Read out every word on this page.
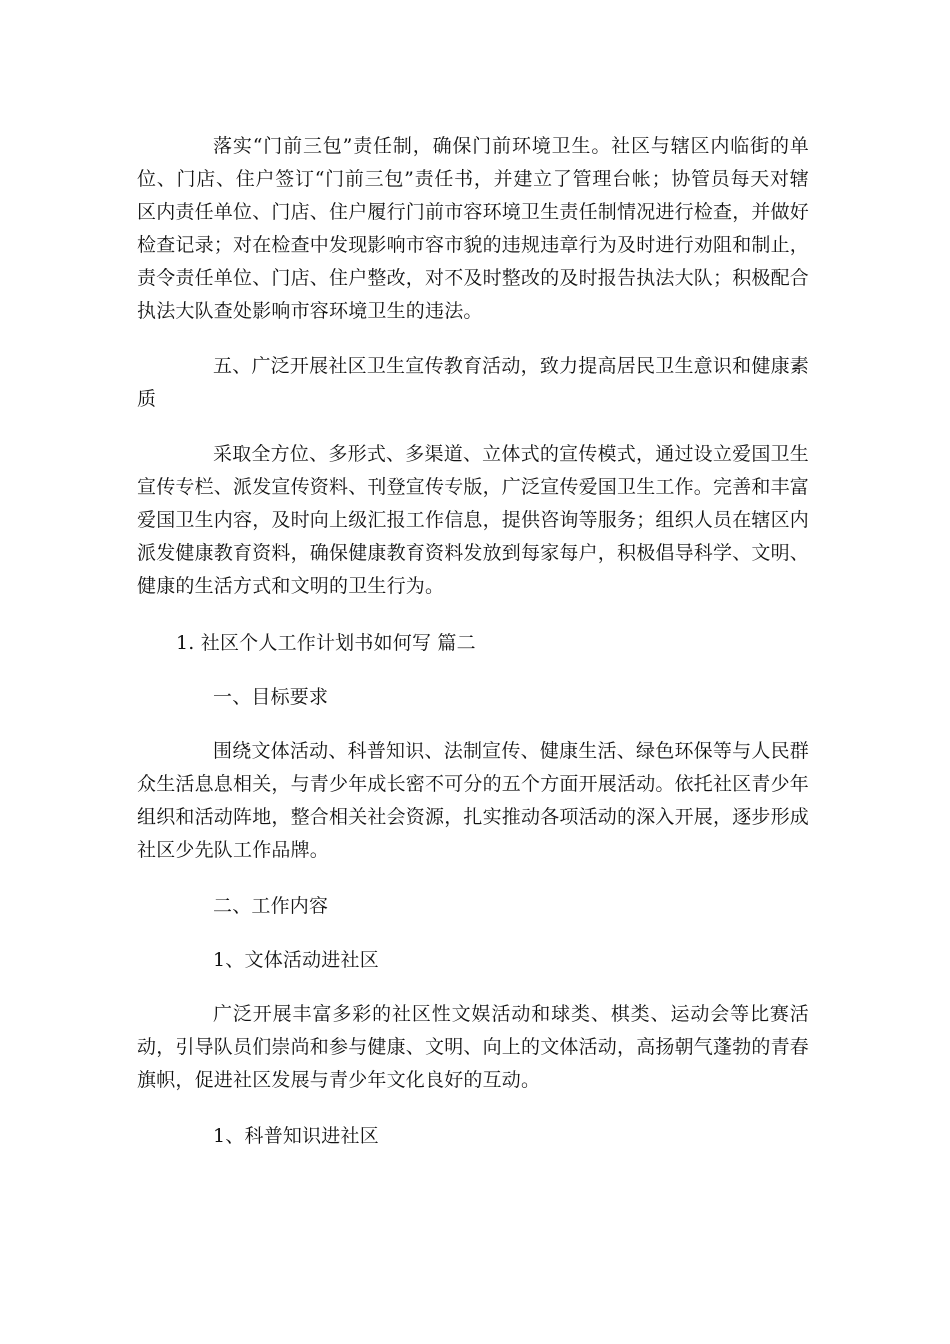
落实“门前三包”责任制，确保门前环境卫生。社区与辖区内临街的单位、门店、住户签订“门前三包”责任书，并建立了管理台帐；协管员每天对辖区内责任单位、门店、住户履行门前市容环境卫生责任制情况进行检查，并做好检查记录；对在检查中发现影响市容市貌的违规违章行为及时进行劝阻和制止，责令责任单位、门店、住户整改，对不及时整改的及时报告执法大队；积极配合执法大队查处影响市容环境卫生的违法。

五、广泛开展社区卫生宣传教育活动，致力提高居民卫生意识和健康素质

采取全方位、多形式、多渠道、立体式的宣传模式，通过设立爱国卫生宣传专栏、派发宣传资料、刊登宣传专版，广泛宣传爱国卫生工作。完善和丰富爱国卫生内容，及时向上级汇报工作信息，提供咨询等服务；组织人员在辖区内派发健康教育资料，确保健康教育资料发放到每家每户，积极倡导科学、文明、健康的生活方式和文明的卫生行为。

1. 社区个人工作计划书如何写 篇二

一、目标要求

围绕文体活动、科普知识、法制宣传、健康生活、绿色环保等与人民群众生活息息相关，与青少年成长密不可分的五个方面开展活动。依托社区青少年组织和活动阵地，整合相关社会资源，扎实推动各项活动的深入开展，逐步形成社区少先队工作品牌。

二、工作内容

1、文体活动进社区

广泛开展丰富多彩的社区性文娱活动和球类、棋类、运动会等比赛活动，引导队员们崇尚和参与健康、文明、向上的文体活动，高扬朝气蓬勃的青春旗帜，促进社区发展与青少年文化良好的互动。

1、科普知识进社区
